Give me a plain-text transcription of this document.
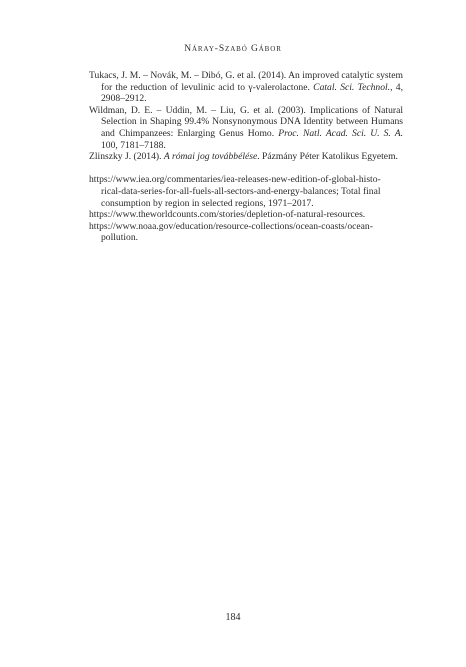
Náray-Szabó Gábor

Tukacs, J. M. – Novák, M. – Dibó, G. et al. (2014). An improved catalytic system for the reduction of levulinic acid to γ-valerolactone. Catal. Sci. Technol., 4, 2908–2912.

Wildman, D. E. – Uddin, M. – Liu, G. et al. (2003). Implications of Natural Selection in Shaping 99.4% Nonsynonymous DNA Identity between Humans and Chimpanzees: Enlarging Genus Homo. Proc. Natl. Acad. Sci. U. S. A. 100, 7181–7188.

Zlinszky J. (2014). A római jog továbbélése. Pázmány Péter Katolikus Egyetem.

https://www.iea.org/commentaries/iea-releases-new-edition-of-global-histo-
rical-data-series-for-all-fuels-all-sectors-and-energy-balances; Total final consumption by region in selected regions, 1971–2017.

https://www.theworldcounts.com/stories/depletion-of-natural-resources.

https://www.noaa.gov/education/resource-collections/ocean-coasts/ocean-
pollution.

184
